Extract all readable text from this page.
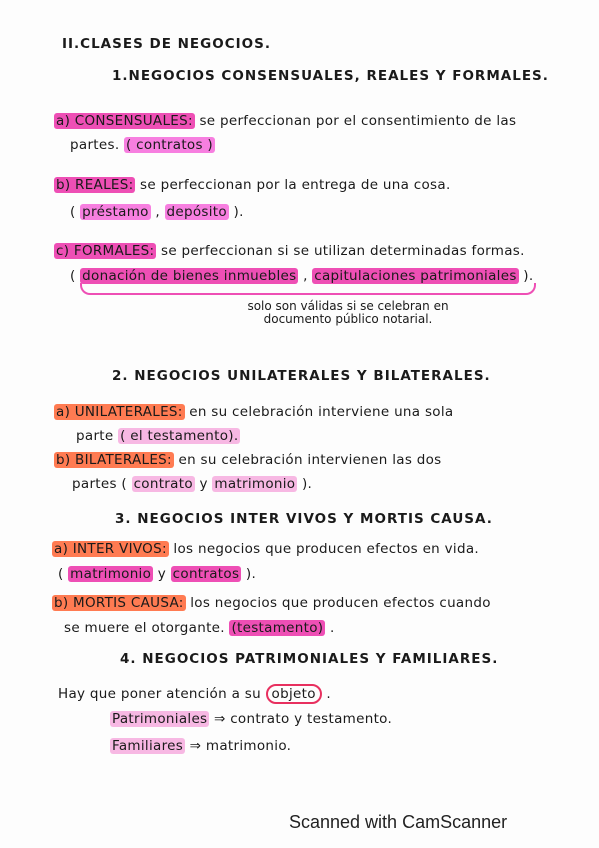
II.CLASES DE NEGOCIOS.
1.NEGOCIOS CONSENSUALES, REALES Y FORMALES.
a) CONSENSUALES: se perfeccionan por el consentimiento de las
partes. ( contratos )
b) REALES: se perfeccionan por la entrega de una cosa.
( préstamo , depósito ).
c) FORMALES: se perfeccionan si se utilizan determinadas formas.
( donación de bienes inmuebles , capitulaciones patrimoniales ).
solo son válidas si se celebran en documento público notarial.
2. NEGOCIOS UNILATERALES Y BILATERALES.
a) UNILATERALES: en su celebración interviene una sola
parte ( el testamento).
b) BILATERALES: en su celebración intervienen las dos
partes ( contrato y matrimonio ).
3. NEGOCIOS INTER VIVOS Y MORTIS CAUSA.
a) INTER VIVOS: los negocios que producen efectos en vida.
( matrimonio y contratos ).
b) MORTIS CAUSA: los negocios que producen efectos cuando
se muere el otorgante. (testamento) .
4. NEGOCIOS PATRIMONIALES Y FAMILIARES.
Hay que poner atención a su objeto .
Patrimoniales ⇒ contrato y testamento.
Familiares ⇒ matrimonio.
Scanned with CamScanner
